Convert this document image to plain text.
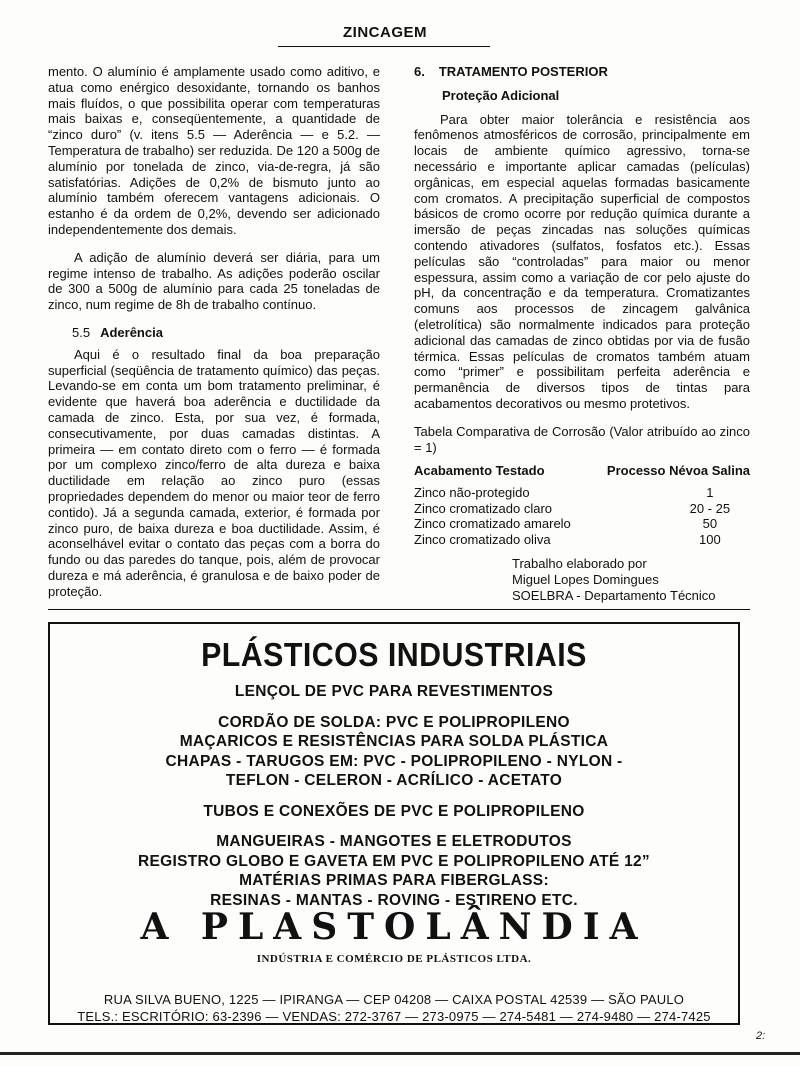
ZINCAGEM

mento. O alumínio é amplamente usado como aditivo, e atua como enérgico desoxidante, tornando os banhos mais fluídos, o que possibilita operar com temperaturas mais baixas e, conseqüentemente, a quantidade de “zinco duro” (v. itens 5.5 — Aderência — e 5.2. — Temperatura de trabalho) ser reduzida. De 120 a 500g de alumínio por tonelada de zinco, via-de-regra, já são satisfatórias. Adições de 0,2% de bismuto junto ao alumínio também oferecem vantagens adicionais. O estanho é da ordem de 0,2%, devendo ser adicionado independentemente dos demais.

A adição de alumínio deverá ser diária, para um regime intenso de trabalho. As adições poderão oscilar de 300 a 500g de alumínio para cada 25 toneladas de zinco, num regime de 8h de trabalho contínuo.

5.5 Aderência

Aqui é o resultado final da boa preparação superficial (seqüência de tratamento químico) das peças. Levando-se em conta um bom tratamento preliminar, é evidente que haverá boa aderência e ductilidade da camada de zinco. Esta, por sua vez, é formada, consecutivamente, por duas camadas distintas. A primeira — em contato direto com o ferro — é formada por um complexo zinco/ferro de alta dureza e baixa ductilidade em relação ao zinco puro (essas propriedades dependem do menor ou maior teor de ferro contido). Já a segunda camada, exterior, é formada por zinco puro, de baixa dureza e boa ductilidade. Assim, é aconselhável evitar o contato das peças com a borra do fundo ou das paredes do tanque, pois, além de provocar dureza e má aderência, é granulosa e de baixo poder de proteção.

6. TRATAMENTO POSTERIOR
Proteção Adicional

Para obter maior tolerância e resistência aos fenômenos atmosféricos de corrosão, principalmente em locais de ambiente químico agressivo, torna-se necessário e importante aplicar camadas (películas) orgânicas, em especial aquelas formadas basicamente com cromatos. A precipitação superficial de compostos básicos de cromo ocorre por redução química durante a imersão de peças zincadas nas soluções químicas contendo ativadores (sulfatos, fosfatos etc.). Essas películas são “controladas” para maior ou menor espessura, assim como a variação de cor pelo ajuste do pH, da concentração e da temperatura. Cromatizantes comuns aos processos de zincagem galvânica (eletrolítica) são normalmente indicados para proteção adicional das camadas de zinco obtidas por via de fusão térmica. Essas películas de cromatos também atuam como “primer” e possibilitam perfeita aderência e permanência de diversos tipos de tintas para acabamentos decorativos ou mesmo protetivos.

Tabela Comparativa de Corrosão (Valor atribuído ao zinco = 1)
Acabamento Testado	Processo Névoa Salina
Zinco não-protegido	1
Zinco cromatizado claro	20 - 25
Zinco cromatizado amarelo	50
Zinco cromatizado oliva	100
Trabalho elaborado por
Miguel Lopes Domingues
SOELBRA - Departamento Técnico
PLÁSTICOS INDUSTRIAIS
LENÇOL DE PVC PARA REVESTIMENTOS
CORDÃO DE SOLDA: PVC E POLIPROPILENO
MAÇARICOS E RESISTÊNCIAS PARA SOLDA PLÁSTICA
CHAPAS - TARUGOS EM: PVC - POLIPROPILENO - NYLON -
TEFLON - CELERON - ACRÍLICO - ACETATO
TUBOS E CONEXÕES DE PVC E POLIPROPILENO
MANGUEIRAS - MANGOTES E ELETRODUTOS
REGISTRO GLOBO E GAVETA EM PVC E POLIPROPILENO ATÉ 12”
MATÉRIAS PRIMAS PARA FIBERGLASS:
RESINAS - MANTAS - ROVING - ESTIRENO ETC.
A PLASTOLÂNDIA
INDÚSTRIA E COMÉRCIO DE PLÁSTICOS LTDA.
RUA SILVA BUENO, 1225 — IPIRANGA — CEP 04208 — CAIXA POSTAL 42539 — SÃO PAULO
TELS.: ESCRITÓRIO: 63-2396 — VENDAS: 272-3767 — 273-0975 — 274-5481 — 274-9480 — 274-7425
2:
